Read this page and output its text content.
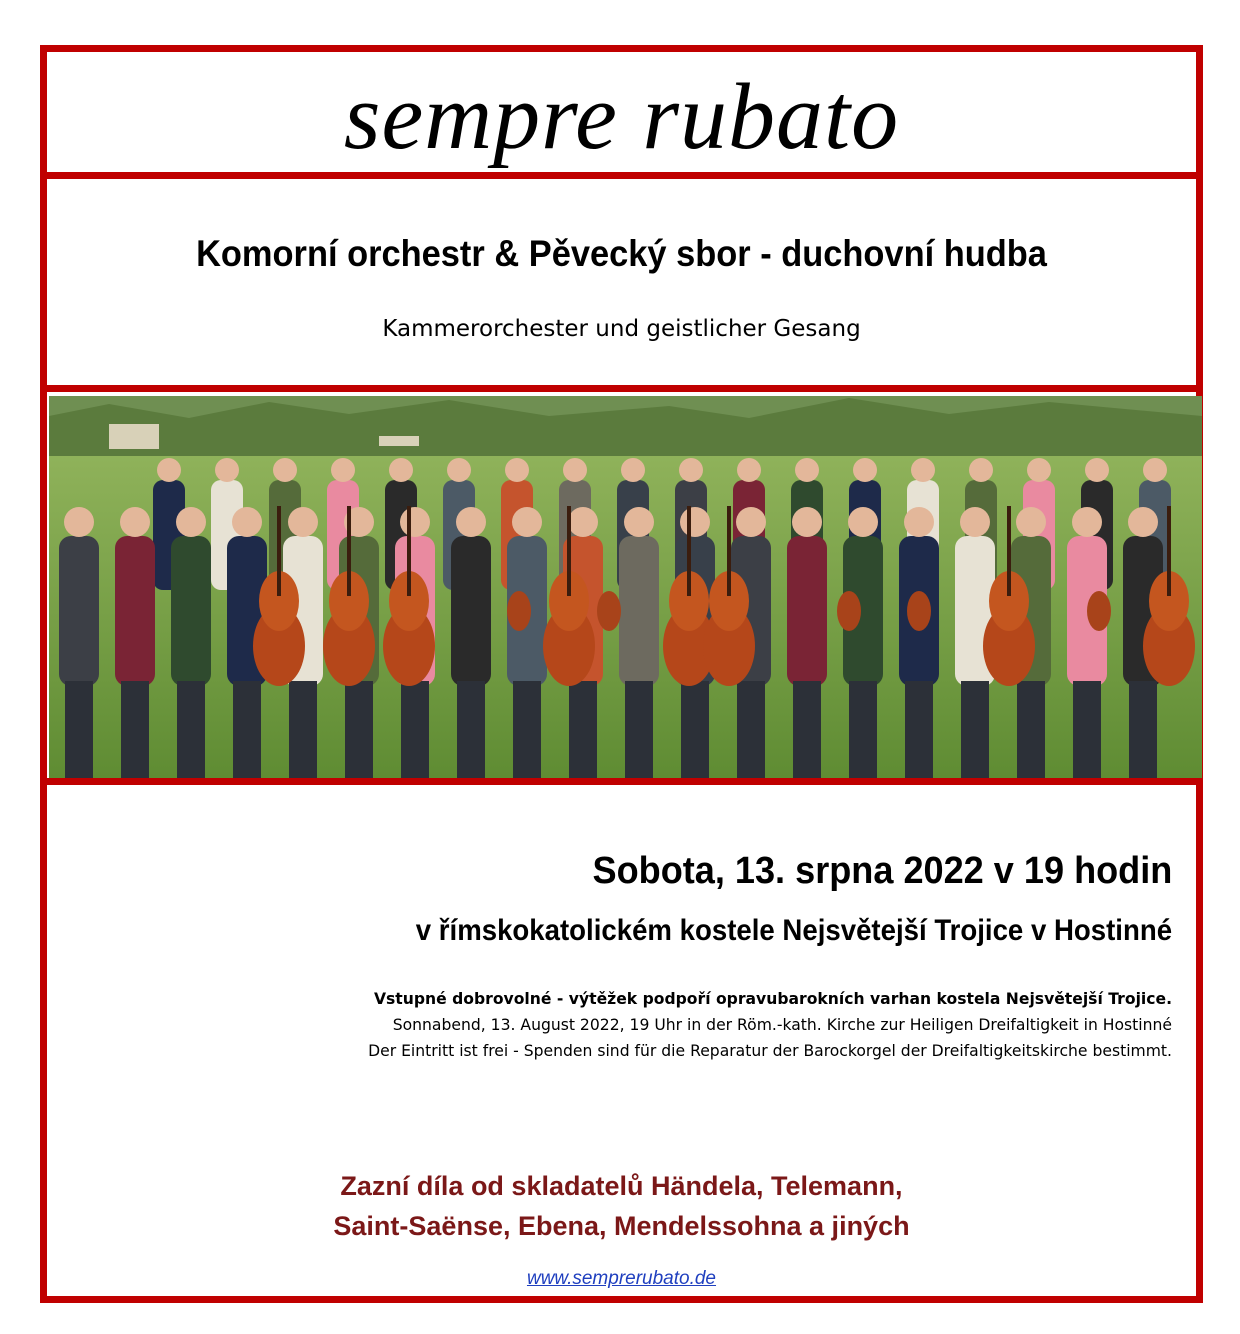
sempre rubato
Komorní orchestr & Pěvecký sbor - duchovní hudba
Kammerorchester und geistlicher Gesang
Sobota, 13. srpna 2022 v 19 hodin
v římskokatolickém kostele Nejsvětejší Trojice v Hostinné
Vstupné dobrovolné - výtěžek podpoří opravubarokních varhan kostela Nejsvětejší Trojice.
Sonnabend, 13. August 2022, 19 Uhr in der Röm.-kath. Kirche zur Heiligen Dreifaltigkeit in Hostinné
Der Eintritt ist frei - Spenden sind für die Reparatur der Barockorgel der Dreifaltigkeitskirche bestimmt.
Zazní díla od skladatelů Händela, Telemann,
Saint-Saënse, Ebena, Mendelssohna a jiných
www.semprerubato.de
